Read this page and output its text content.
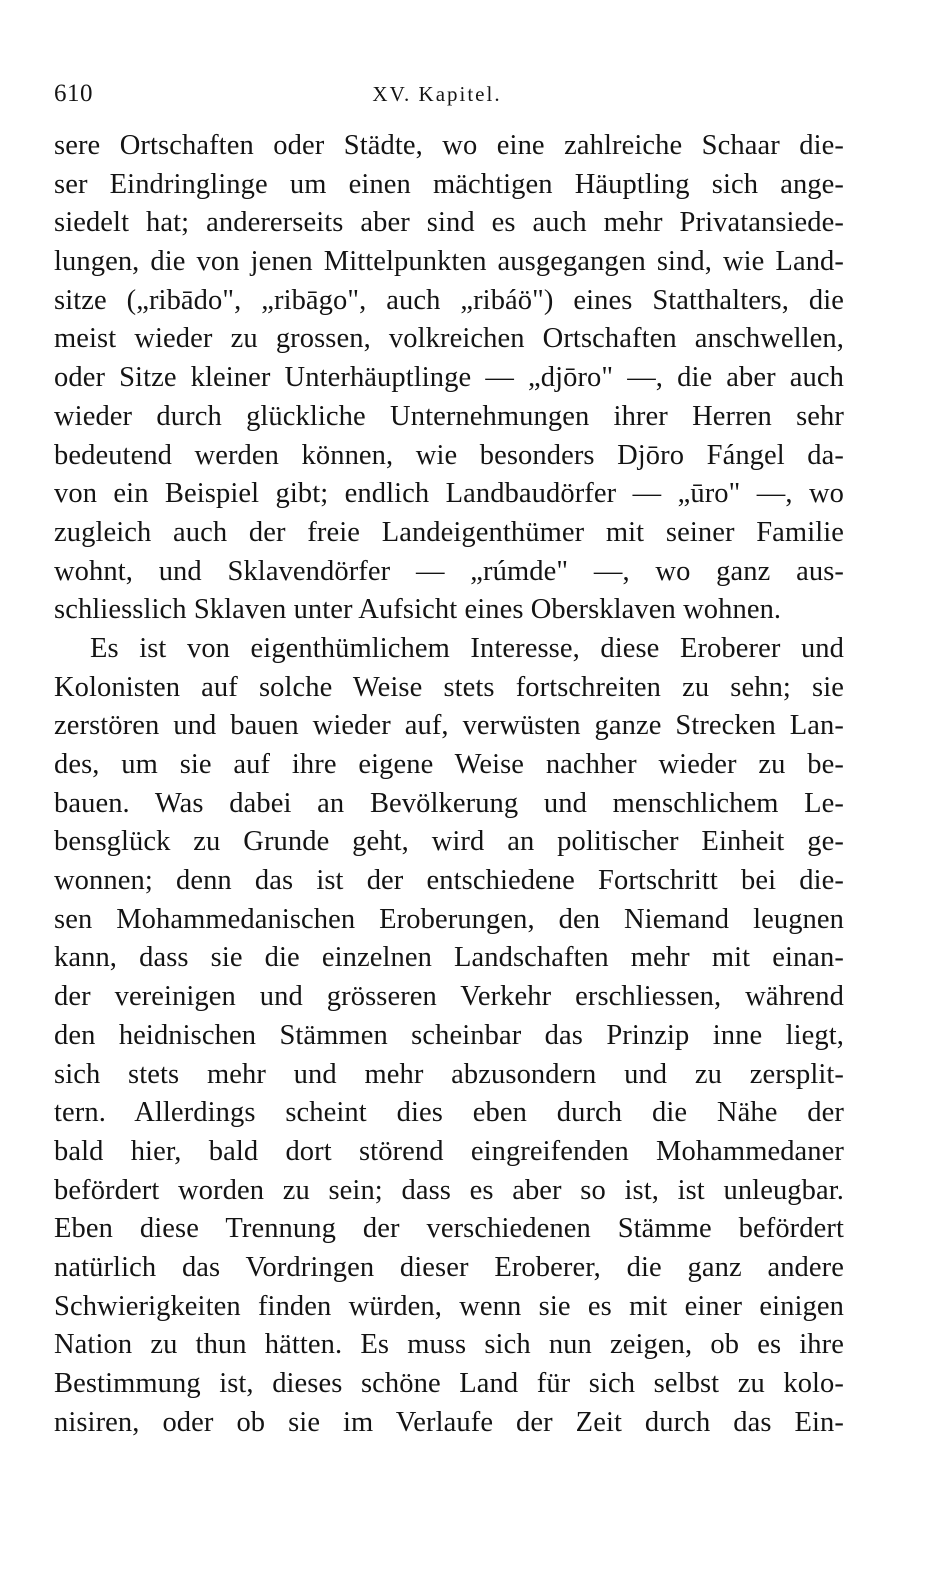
610	XV. Kapitel.
sere Ortschaften oder Städte, wo eine zahlreiche Schaar die-
ser Eindringlinge um einen mächtigen Häuptling sich ange-
siedelt hat; andererseits aber sind es auch mehr Privatansiede-
lungen, die von jenen Mittelpunkten ausgegangen sind, wie Land-
sitze („ribādo", „ribāgo", auch „ribáö") eines Statthalters, die
meist wieder zu grossen, volkreichen Ortschaften anschwellen,
oder Sitze kleiner Unterhäuptlinge — „djōro" —, die aber auch
wieder durch glückliche Unternehmungen ihrer Herren sehr
bedeutend werden können, wie besonders Djōro Fángel da-
von ein Beispiel gibt; endlich Landbaudörfer — „ūro" —, wo
zugleich auch der freie Landeigenthümer mit seiner Familie
wohnt, und Sklavendörfer — „rúmde" —, wo ganz aus-
schliesslich Sklaven unter Aufsicht eines Obersklaven wohnen.
Es ist von eigenthümlichem Interesse, diese Eroberer und
Kolonisten auf solche Weise stets fortschreiten zu sehn; sie
zerstören und bauen wieder auf, verwüsten ganze Strecken Lan-
des, um sie auf ihre eigene Weise nachher wieder zu be-
bauen. Was dabei an Bevölkerung und menschlichem Le-
bensglück zu Grunde geht, wird an politischer Einheit ge-
wonnen; denn das ist der entschiedene Fortschritt bei die-
sen Mohammedanischen Eroberungen, den Niemand leugnen
kann, dass sie die einzelnen Landschaften mehr mit einan-
der vereinigen und grösseren Verkehr erschliessen, während
den heidnischen Stämmen scheinbar das Prinzip inne liegt,
sich stets mehr und mehr abzusondern und zu zersplit-
tern. Allerdings scheint dies eben durch die Nähe der
bald hier, bald dort störend eingreifenden Mohammedaner
befördert worden zu sein; dass es aber so ist, ist unleugbar.
Eben diese Trennung der verschiedenen Stämme befördert
natürlich das Vordringen dieser Eroberer, die ganz andere
Schwierigkeiten finden würden, wenn sie es mit einer einigen
Nation zu thun hätten. Es muss sich nun zeigen, ob es ihre
Bestimmung ist, dieses schöne Land für sich selbst zu kolo-
nisiren, oder ob sie im Verlaufe der Zeit durch das Ein-
